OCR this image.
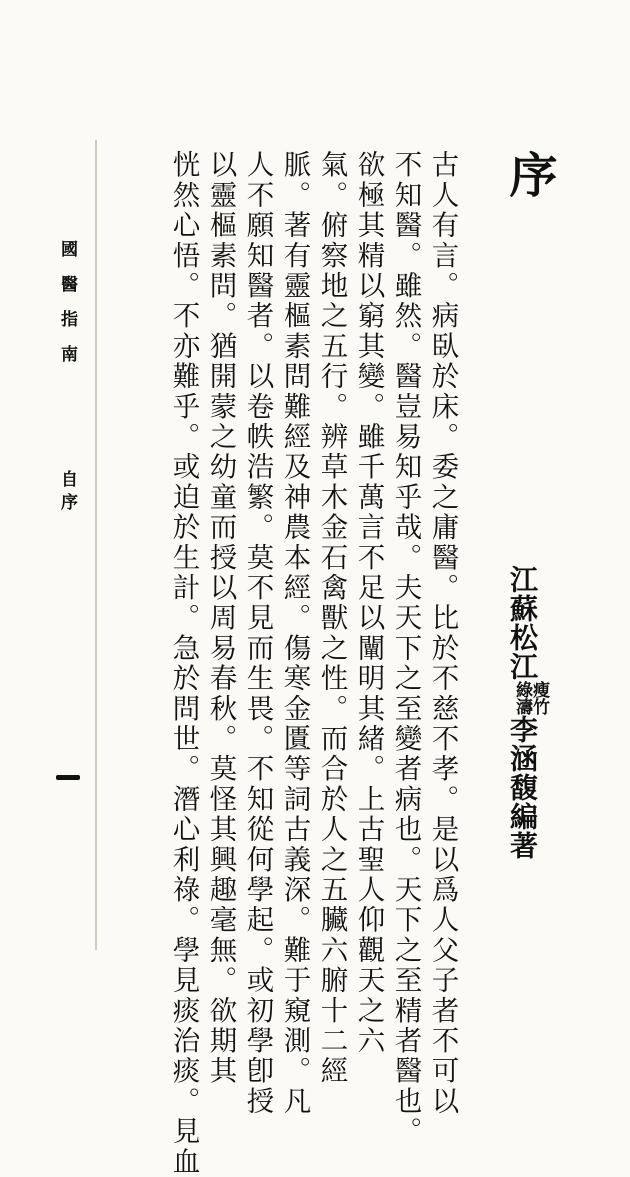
序
江蘇松江瘦竹
綠濤李涵馥編著
古人有言。病臥於床。委之庸醫。比於不慈不孝。是以爲人父子者不可以
不知醫。雖然。醫豈易知乎哉。夫天下之至變者病也。天下之至精者醫也。
欲極其精以窮其變。雖千萬言不足以闡明其緒。上古聖人仰觀天之六
氣。俯察地之五行。辨草木金石禽獸之性。而合於人之五臟六腑十二經
脈。著有靈樞素問難經及神農本經。傷寒金匱等詞古義深。難于窺測。凡
人不願知醫者。以卷帙浩繁。莫不見而生畏。不知從何學起。或初學卽授
以靈樞素問。猶開蒙之幼童而授以周易春秋。莫怪其興趣毫無。欲期其
恍然心悟。不亦難乎。或迫於生計。急於問世。潛心利祿。學見痰治痰。見血
國醫指南
自序
